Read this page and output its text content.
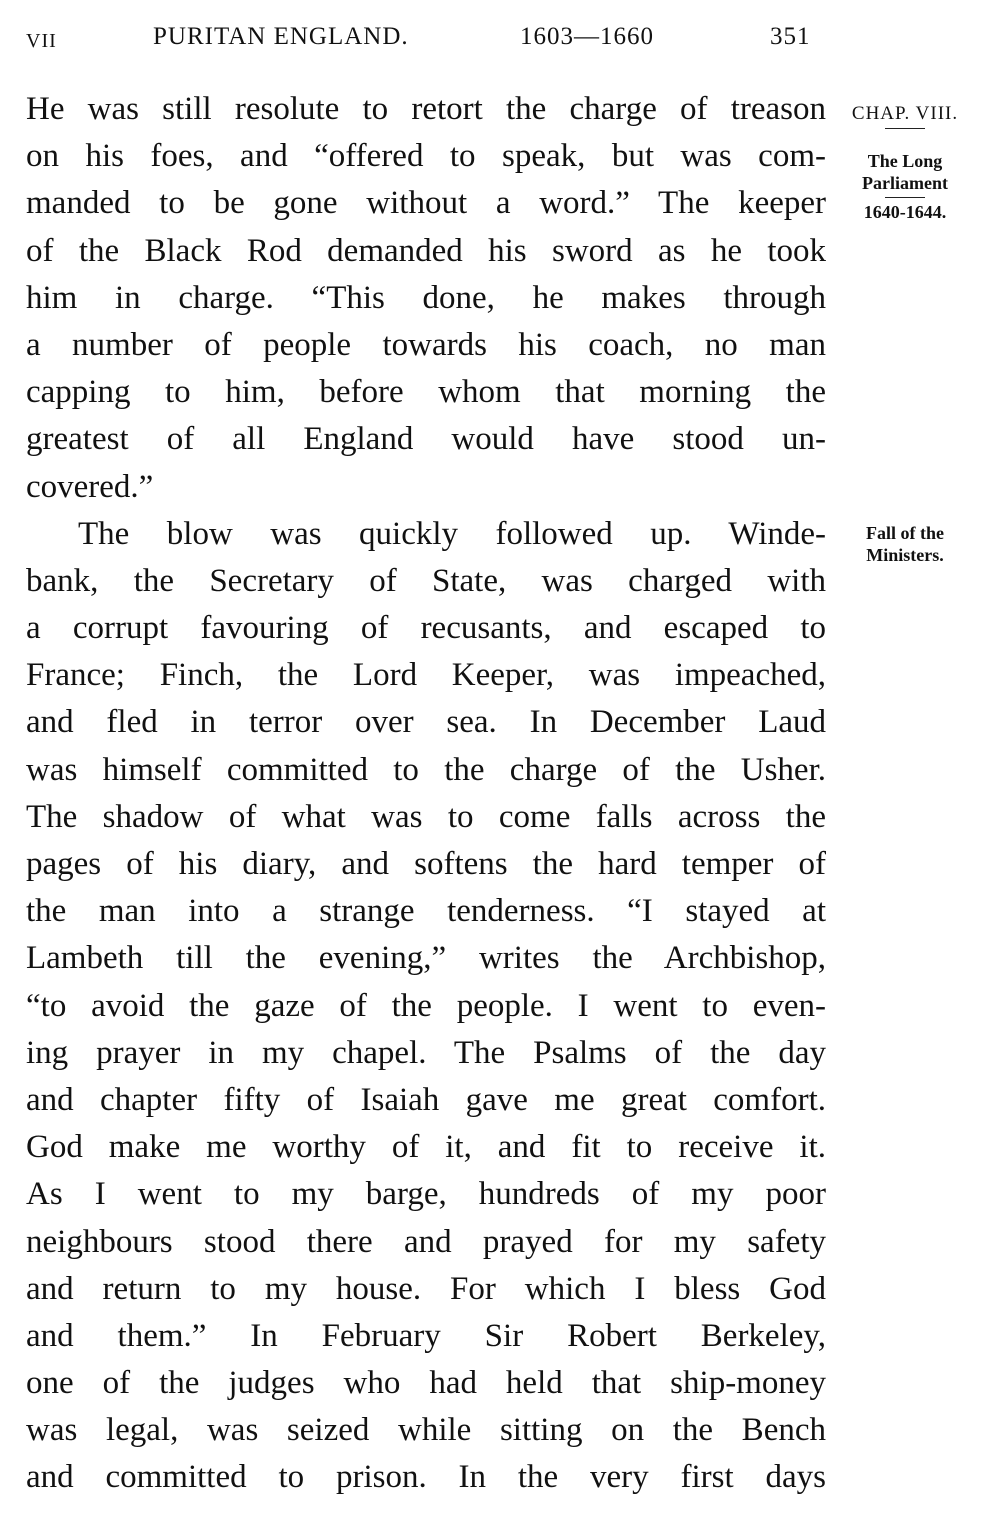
VII	PURITAN ENGLAND.	1603—1660	351
CHAP. VIII.
The Long
Parliament
1640-1644.
Fall of the
Ministers.
He was still resolute to retort the charge of treason
on his foes, and “offered to speak, but was com-
manded to be gone without a word.” The keeper
of the Black Rod demanded his sword as he took
him in charge. “This done, he makes through
a number of people towards his coach, no man
capping to him, before whom that morning the
greatest of all England would have stood un-
covered.”
The blow was quickly followed up. Winde-
bank, the Secretary of State, was charged with
a corrupt favouring of recusants, and escaped to
France; Finch, the Lord Keeper, was impeached,
and fled in terror over sea. In December Laud
was himself committed to the charge of the Usher.
The shadow of what was to come falls across the
pages of his diary, and softens the hard temper of
the man into a strange tenderness. “I stayed at
Lambeth till the evening,” writes the Archbishop,
“to avoid the gaze of the people. I went to even-
ing prayer in my chapel. The Psalms of the day
and chapter fifty of Isaiah gave me great comfort.
God make me worthy of it, and fit to receive it.
As I went to my barge, hundreds of my poor
neighbours stood there and prayed for my safety
and return to my house. For which I bless God
and them.” In February Sir Robert Berkeley,
one of the judges who had held that ship-money
was legal, was seized while sitting on the Bench
and committed to prison. In the very first days
